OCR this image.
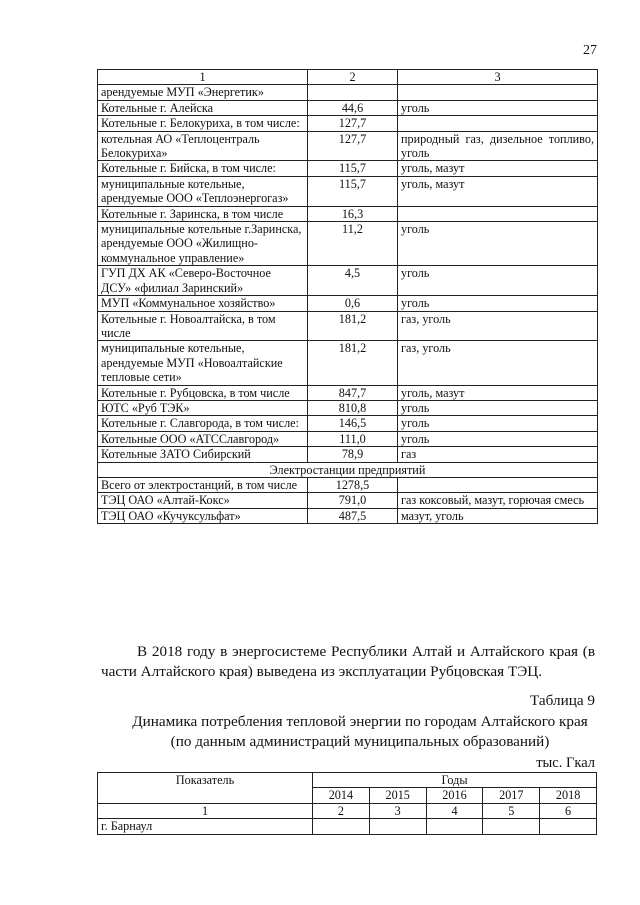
27
1	2	3
арендуемые МУП «Энергетик»		
Котельные г. Алейска	44,6	уголь
Котельные г. Белокуриха, в том числе:	127,7	
котельная АО «Теплоцентраль Белокуриха»	127,7	природный газ, дизельное топливо, уголь
Котельные г. Бийска, в том числе:	115,7	уголь, мазут
муниципальные котельные, арендуемые ООО «Теплоэнергогаз»	115,7	уголь, мазут
Котельные г. Заринска, в том числе	16,3	
муниципальные котельные г.Заринска, арендуемые ООО «Жилищно-коммунальное управление»	11,2	уголь
ГУП ДХ АК «Северо-Восточное ДСУ» «филиал Заринский»	4,5	уголь
МУП «Коммунальное хозяйство»	0,6	уголь
Котельные г. Новоалтайска, в том числе	181,2	газ, уголь
муниципальные котельные, арендуемые МУП «Новоалтайские тепловые сети»	181,2	газ, уголь
Котельные г. Рубцовска, в том числе	847,7	уголь, мазут
ЮТС «Руб ТЭК»	810,8	уголь
Котельные г. Славгорода, в том числе:	146,5	уголь
Котельные ООО «АТССлавгород»	111,0	уголь
Котельные ЗАТО Сибирский	78,9	газ
Электростанции предприятий		
Всего от электростанций, в том числе	1278,5	
ТЭЦ ОАО «Алтай-Кокс»	791,0	газ коксовый, мазут, горючая смесь
ТЭЦ ОАО «Кучуксульфат»	487,5	мазут, уголь
В 2018 году в энергосистеме Республики Алтай и Алтайского края (в части Алтайского края) выведена из эксплуатации Рубцовская ТЭЦ.
Таблица 9
Динамика потребления тепловой энергии по городам Алтайского края
(по данным администраций муниципальных образований)
тыс. Гкал
Показатель	Годы				
	2014	2015	2016	2017	2018
1	2	3	4	5	6
г. Барнаул					
